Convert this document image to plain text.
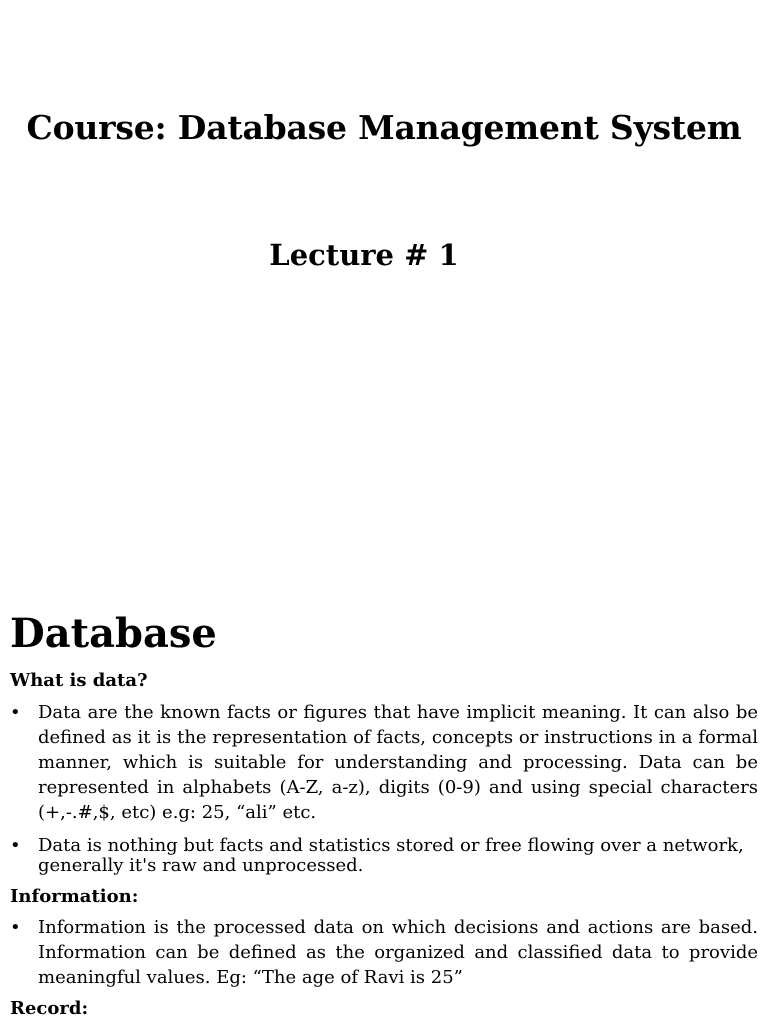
Course: Database Management System
Lecture # 1
Database
What is data?
• Data are the known facts or figures that have implicit meaning. It can also be defined as it is the representation of facts, concepts or instructions in a formal manner, which is suitable for understanding and processing. Data can be represented in alphabets (A-Z, a-z), digits (0-9) and using special characters (+,-.#,$, etc) e.g: 25, “ali” etc.
• Data is nothing but facts and statistics stored or free flowing over a network, generally it's raw and unprocessed.
Information:
• Information is the processed data on which decisions and actions are based. Information can be defined as the organized and classified data to provide meaningful values. Eg: “The age of Ravi is 25”
Record:
